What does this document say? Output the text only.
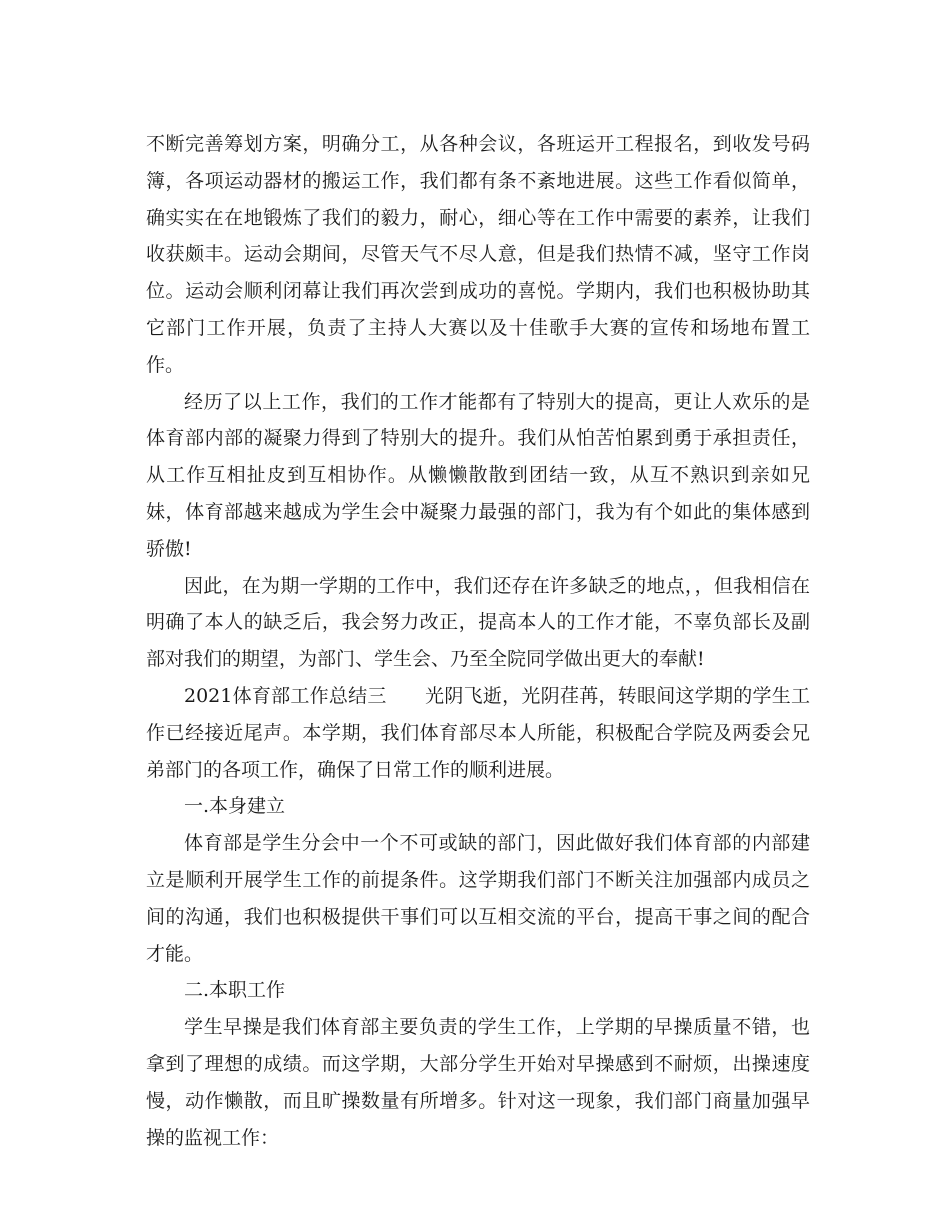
不断完善筹划方案，明确分工，从各种会议，各班运开工程报名，到收发号码簿，各项运动器材的搬运工作，我们都有条不紊地进展。这些工作看似简单，确实实在在地锻炼了我们的毅力，耐心，细心等在工作中需要的素养，让我们收获颇丰。运动会期间，尽管天气不尽人意，但是我们热情不减，坚守工作岗位。运动会顺利闭幕让我们再次尝到成功的喜悦。学期内，我们也积极协助其它部门工作开展，负责了主持人大赛以及十佳歌手大赛的宣传和场地布置工作。

经历了以上工作，我们的工作才能都有了特别大的提高，更让人欢乐的是体育部内部的凝聚力得到了特别大的提升。我们从怕苦怕累到勇于承担责任，从工作互相扯皮到互相协作。从懒懒散散到团结一致，从互不熟识到亲如兄妹，体育部越来越成为学生会中凝聚力最强的部门，我为有个如此的集体感到骄傲!

因此，在为期一学期的工作中，我们还存在许多缺乏的地点，，但我相信在明确了本人的缺乏后，我会努力改正，提高本人的工作才能，不辜负部长及副部对我们的期望，为部门、学生会、乃至全院同学做出更大的奉献!

2021体育部工作总结三　　光阴飞逝，光阴荏苒，转眼间这学期的学生工作已经接近尾声。本学期，我们体育部尽本人所能，积极配合学院及两委会兄弟部门的各项工作，确保了日常工作的顺利进展。

一.本身建立

体育部是学生分会中一个不可或缺的部门，因此做好我们体育部的内部建立是顺利开展学生工作的前提条件。这学期我们部门不断关注加强部内成员之间的沟通，我们也积极提供干事们可以互相交流的平台，提高干事之间的配合才能。

二.本职工作

学生早操是我们体育部主要负责的学生工作，上学期的早操质量不错，也拿到了理想的成绩。而这学期，大部分学生开始对早操感到不耐烦，出操速度慢，动作懒散，而且旷操数量有所增多。针对这一现象，我们部门商量加强早操的监视工作：
